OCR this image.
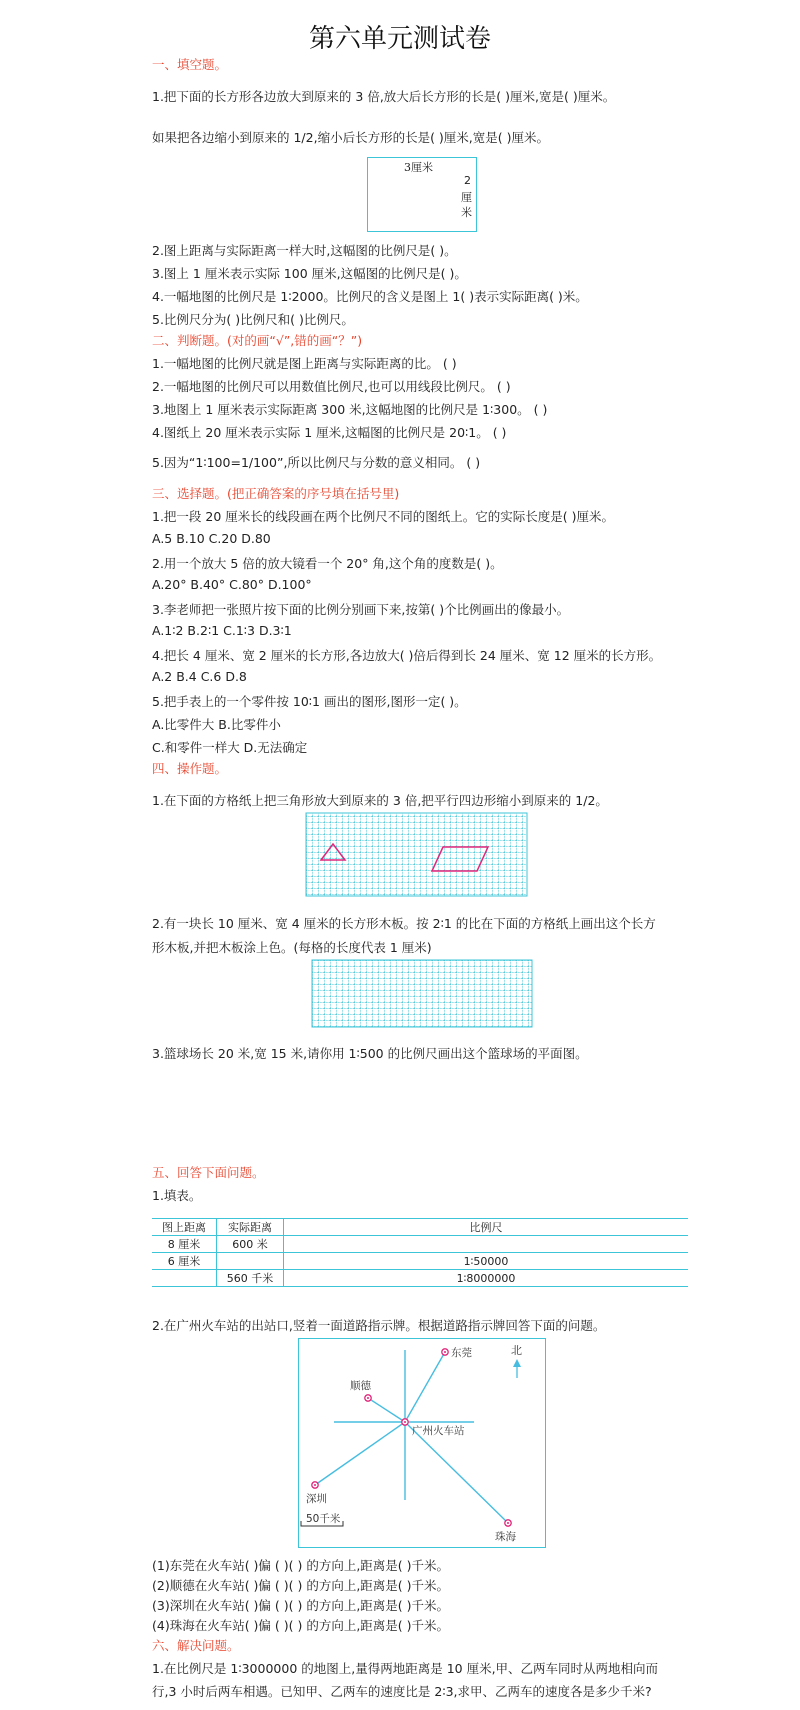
第六单元测试卷
一、填空题。
1.把下面的长方形各边放大到原来的 3 倍,放大后长方形的长是( )厘米,宽是( )厘米。
如果把各边缩小到原来的 1/2,缩小后长方形的长是( )厘米,宽是( )厘米。
3厘米
2
厘
米
2.图上距离与实际距离一样大时,这幅图的比例尺是( )。
3.图上 1 厘米表示实际 100 厘米,这幅图的比例尺是( )。
4.一幅地图的比例尺是 1∶2000。比例尺的含义是图上 1( )表示实际距离( )米。
5.比例尺分为( )比例尺和( )比例尺。
二、判断题。(对的画“√”,错的画“？”)
1.一幅地图的比例尺就是图上距离与实际距离的比。 ( )
2.一幅地图的比例尺可以用数值比例尺,也可以用线段比例尺。 ( )
3.地图上 1 厘米表示实际距离 300 米,这幅地图的比例尺是 1∶300。 ( )
4.图纸上 20 厘米表示实际 1 厘米,这幅图的比例尺是 20∶1。 ( )
5.因为“1∶100=1/100”,所以比例尺与分数的意义相同。 ( )
三、选择题。(把正确答案的序号填在括号里)
1.把一段 20 厘米长的线段画在两个比例尺不同的图纸上。它的实际长度是( )厘米。
A.5 B.10 C.20 D.80
2.用一个放大 5 倍的放大镜看一个 20° 角,这个角的度数是( )。
A.20° B.40° C.80° D.100°
3.李老师把一张照片按下面的比例分别画下来,按第( )个比例画出的像最小。
A.1∶2 B.2∶1 C.1∶3 D.3∶1
4.把长 4 厘米、宽 2 厘米的长方形,各边放大( )倍后得到长 24 厘米、宽 12 厘米的长方形。
A.2 B.4 C.6 D.8
5.把手表上的一个零件按 10∶1 画出的图形,图形一定( )。
A.比零件大 B.比零件小
C.和零件一样大 D.无法确定
四、操作题。
1.在下面的方格纸上把三角形放大到原来的 3 倍,把平行四边形缩小到原来的 1/2。
2.有一块长 10 厘米、宽 4 厘米的长方形木板。按 2∶1 的比在下面的方格纸上画出这个长方
形木板,并把木板涂上色。(每格的长度代表 1 厘米)
3.篮球场长 20 米,宽 15 米,请你用 1∶500 的比例尺画出这个篮球场的平面图。
五、回答下面问题。
1.填表。
图上距离	实际距离	比例尺
8 厘米	600 米	
6 厘米		1∶50000
	560 千米	1∶8000000
2.在广州火车站的出站口,竖着一面道路指示牌。根据道路指示牌回答下面的问题。
北
东莞
顺德
广州火车站
深圳
珠海
50千米
(1)东莞在火车站( )偏 ( )( ) 的方向上,距离是( )千米。
(2)顺德在火车站( )偏 ( )( ) 的方向上,距离是( )千米。
(3)深圳在火车站( )偏 ( )( ) 的方向上,距离是( )千米。
(4)珠海在火车站( )偏 ( )( ) 的方向上,距离是( )千米。
六、解决问题。
1.在比例尺是 1∶3000000 的地图上,量得两地距离是 10 厘米,甲、乙两车同时从两地相向而
行,3 小时后两车相遇。已知甲、乙两车的速度比是 2∶3,求甲、乙两车的速度各是多少千米?
